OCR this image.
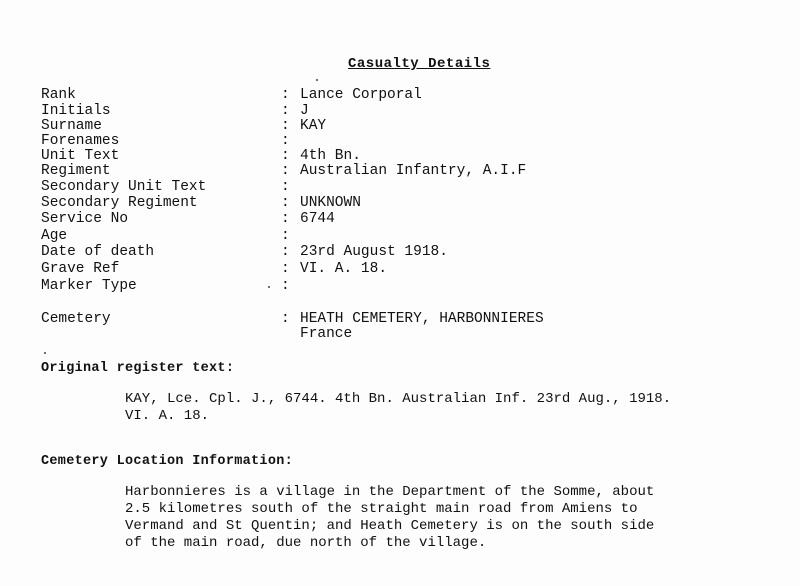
Casualty Details
Rank	: Lance Corporal
Initials	: J
Surname	: KAY
Forenames	:
Unit Text	: 4th Bn.
Regiment	: Australian Infantry, A.I.F
Secondary Unit Text	:
Secondary Regiment	: UNKNOWN
Service No	: 6744
Age	:
Date of death	: 23rd August 1918.
Grave Ref	: VI. A. 18.
Marker Type	:
Cemetery	: HEATH CEMETERY, HARBONNIERES
France
Original register text:
KAY, Lce. Cpl. J., 6744. 4th Bn. Australian Inf. 23rd Aug., 1918.
VI. A. 18.
Cemetery Location Information:
Harbonnieres is a village in the Department of the Somme, about
2.5 kilometres south of the straight main road from Amiens to
Vermand and St Quentin; and Heath Cemetery is on the south side
of the main road, due north of the village.
